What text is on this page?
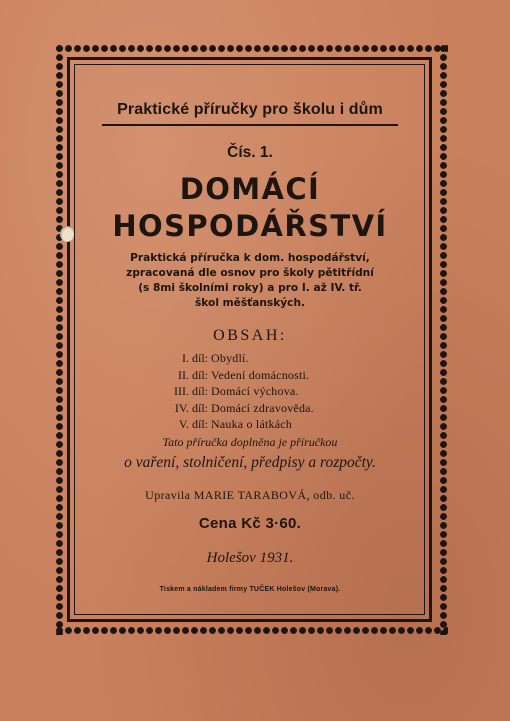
Praktické příručky pro školu i dům
Čís. 1.
DOMÁCÍ
HOSPODÁŘSTVÍ
Praktická příručka k dom. hospodářství,
zpracovaná dle osnov pro školy pětitřídní
(s 8mi školními roky) a pro I. až IV. tř.
škol měšťanských.
OBSAH:
I. díl: Obydlí.
II. díl: Vedení domácnosti.
III. díl: Domácí výchova.
IV. díl: Domácí zdravověda.
V. díl: Nauka o látkách
Tato příručka doplněna je příručkou
o vaření, stolničení, předpisy a rozpočty.
Upravila MARIE TARABOVÁ, odb. uč.
Cena Kč 3·60.
Holešov 1931.
Tiskem a nákladem firmy TUČEK Holešov (Morava).
